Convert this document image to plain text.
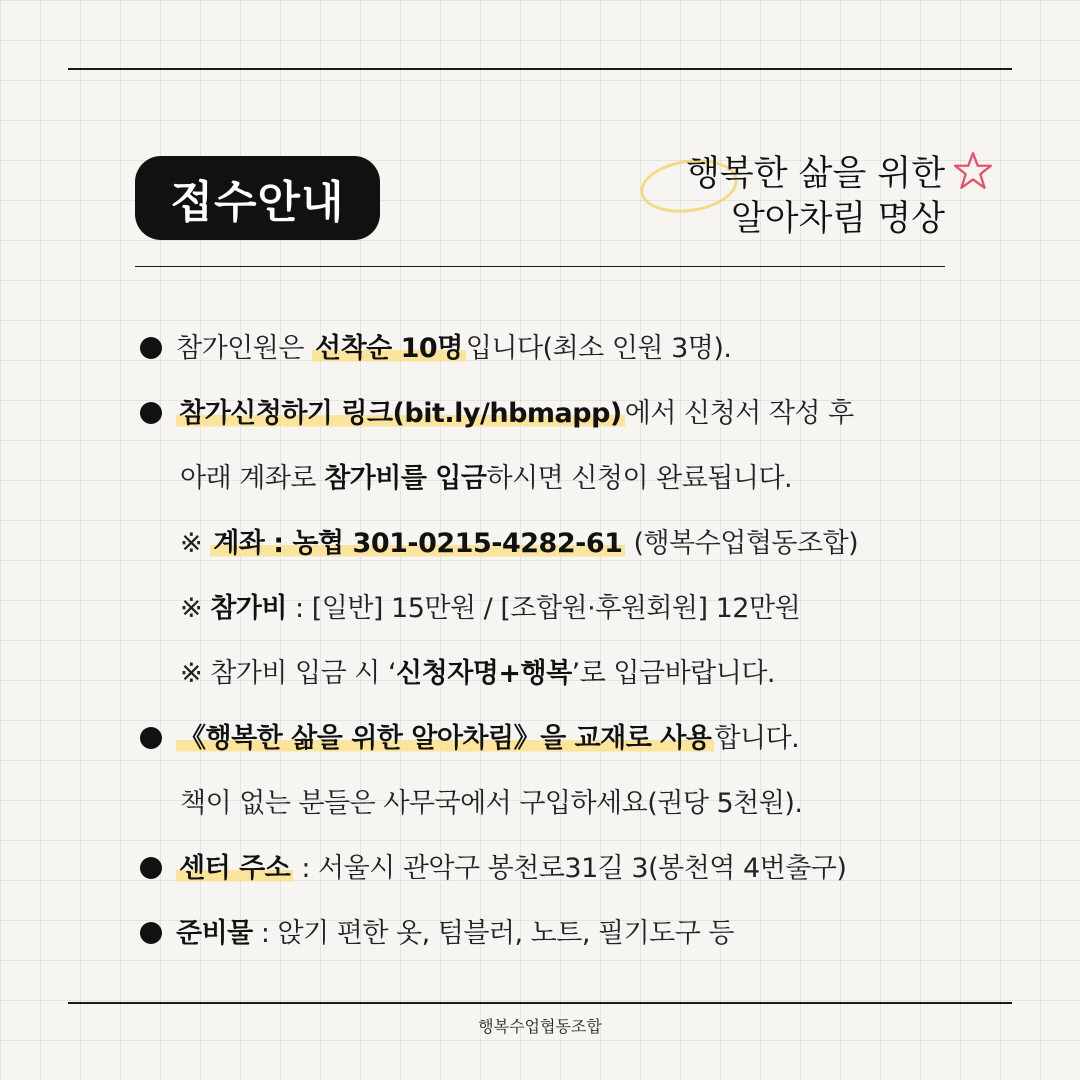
접수안내
행복한 삶을 위한
알아차림 명상
참가인원은 선착순 10명 입니다(최소 인원 3명).
참가신청하기 링크(bit.ly/hbmapp) 에서 신청서 작성 후
아래 계좌로 참가비를 입금하시면 신청이 완료됩니다.
※ 계좌 : 농협 301-0215-4282-61 (행복수업협동조합)
※ 참가비 : [일반] 15만원 / [조합원·후원회원] 12만원
※ 참가비 입금 시 ‘신청자명+행복’로 입금바랍니다.
《행복한 삶을 위한 알아차림》을 교재로 사용 합니다.
책이 없는 분들은 사무국에서 구입하세요(권당 5천원).
센터 주소 : 서울시 관악구 봉천로31길 3(봉천역 4번출구)
준비물 : 앉기 편한 옷, 텀블러, 노트, 필기도구 등
행복수업협동조합
